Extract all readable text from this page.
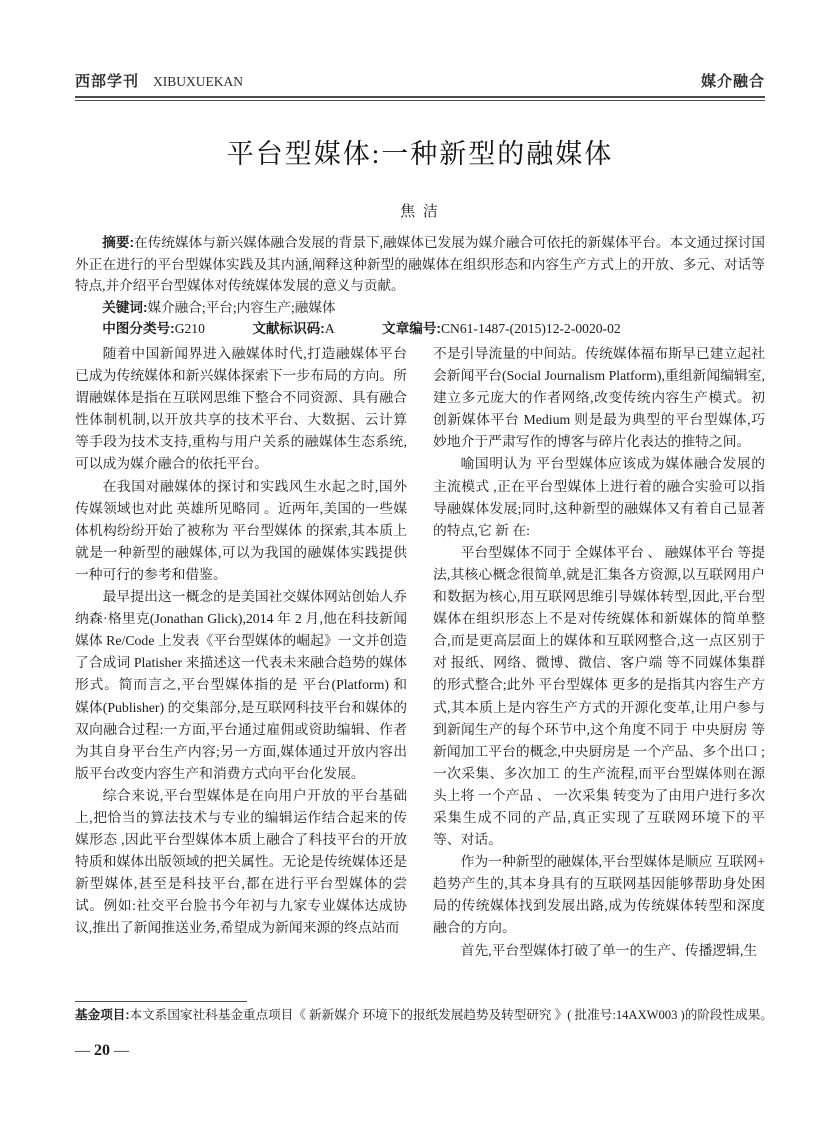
西部学刊 XIBUXUEKAN	媒介融合
平台型媒体:一种新型的融媒体
焦 洁

摘要:在传统媒体与新兴媒体融合发展的背景下,融媒体已发展为媒介融合可依托的新媒体平台。本文通过探讨国外正在进行的平台型媒体实践及其内涵,阐释这种新型的融媒体在组织形态和内容生产方式上的开放、多元、对话等特点,并介绍平台型媒体对传统媒体发展的意义与贡献。

关键词:媒介融合;平台;内容生产;融媒体

中图分类号:G210	文献标识码:A	文章编号:CN61-1487-(2015)12-2-0020-02

随着中国新闻界进入融媒体时代,打造融媒体平台已成为传统媒体和新兴媒体探索下一步布局的方向。所谓融媒体是指在互联网思维下整合不同资源、具有融合性体制机制,以开放共享的技术平台、大数据、云计算等手段为技术支持,重构与用户关系的融媒体生态系统,可以成为媒介融合的依托平台。

在我国对融媒体的探讨和实践风生水起之时,国外传媒领域也对此 英雄所见略同 。近两年,美国的一些媒体机构纷纷开始了被称为 平台型媒体 的探索,其本质上就是一种新型的融媒体,可以为我国的融媒体实践提供一种可行的参考和借鉴。

最早提出这一概念的是美国社交媒体网站创始人乔纳森·格里克(Jonathan Glick),2014 年 2 月,他在科技新闻媒体 Re/Code 上发表《平台型媒体的崛起》一文并创造了合成词 Platisher 来描述这一代表未来融合趋势的媒体形式。简而言之,平台型媒体指的是 平台(Platform) 和 媒体(Publisher) 的交集部分,是互联网科技平台和媒体的双向融合过程:一方面,平台通过雇佣或资助编辑、作者为其自身平台生产内容;另一方面,媒体通过开放内容出版平台改变内容生产和消费方式向平台化发展。

综合来说,平台型媒体是在向用户开放的平台基础上,把恰当的算法技术与专业的编辑运作结合起来的传媒形态 ,因此平台型媒体本质上融合了科技平台的开放特质和媒体出版领域的把关属性。无论是传统媒体还是新型媒体,甚至是科技平台,都在进行平台型媒体的尝试。例如:社交平台脸书今年初与九家专业媒体达成协议,推出了新闻推送业务,希望成为新闻来源的终点站而

不是引导流量的中间站。传统媒体福布斯早已建立起社会新闻平台(Social Journalism Platform),重组新闻编辑室,建立多元庞大的作者网络,改变传统内容生产模式。初创新媒体平台 Medium 则是最为典型的平台型媒体,巧妙地介于严肃写作的博客与碎片化表达的推特之间。

喻国明认为 平台型媒体应该成为媒体融合发展的主流模式 ,正在平台型媒体上进行着的融合实验可以指导融媒体发展;同时,这种新型的融媒体又有着自己显著的特点,它 新 在:

平台型媒体不同于 全媒体平台 、 融媒体平台 等提法,其核心概念很简单,就是汇集各方资源,以互联网用户和数据为核心,用互联网思维引导媒体转型,因此,平台型媒体在组织形态上不是对传统媒体和新媒体的简单整合,而是更高层面上的媒体和互联网整合,这一点区别于对 报纸、网络、微博、微信、客户端 等不同媒体集群的形式整合;此外 平台型媒体 更多的是指其内容生产方式,其本质上是内容生产方式的开源化变革,让用户参与到新闻生产的每个环节中,这个角度不同于 中央厨房 等新闻加工平台的概念,中央厨房是 一个产品、多个出口 ; 一次采集、多次加工 的生产流程,而平台型媒体则在源头上将 一个产品 、 一次采集 转变为了由用户进行多次采集生成不同的产品,真正实现了互联网环境下的平等、对话。

作为一种新型的融媒体,平台型媒体是顺应 互联网+ 趋势产生的,其本身具有的互联网基因能够帮助身处困局的传统媒体找到发展出路,成为传统媒体转型和深度融合的方向。

首先,平台型媒体打破了单一的生产、传播逻辑,生

基金项目:本文系国家社科基金重点项目《 新新媒介 环境下的报纸发展趋势及转型研究 》( 批准号:14AXW003 )的阶段性成果。
— 20 —
